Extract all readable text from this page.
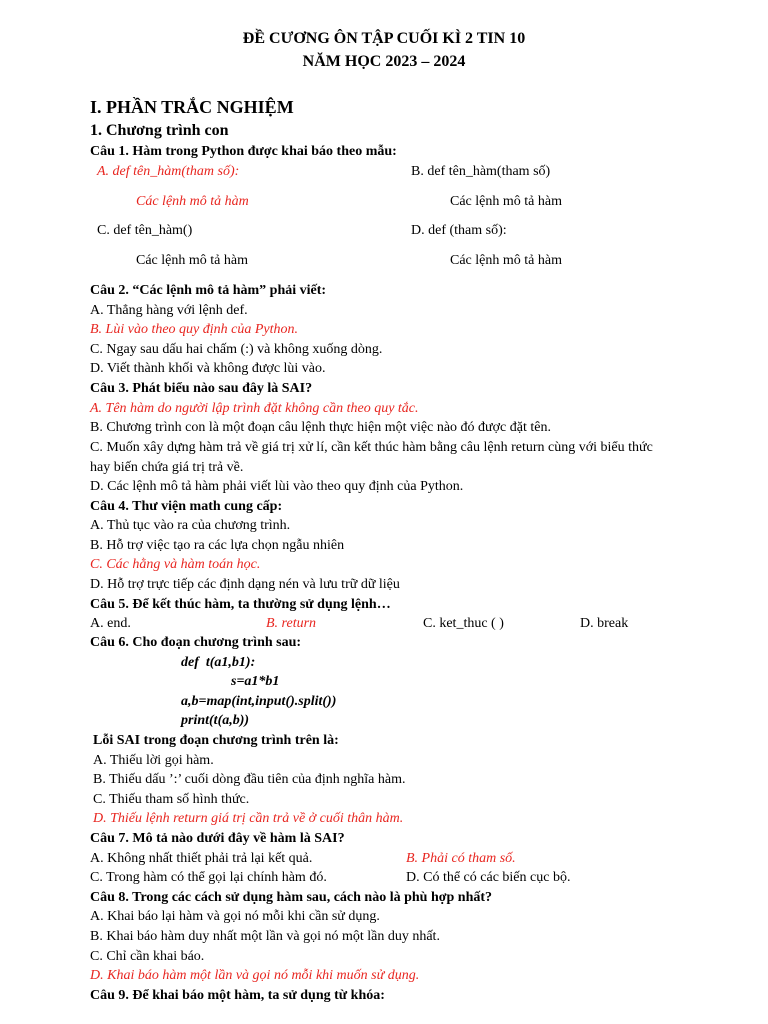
ĐỀ CƯƠNG ÔN TẬP CUỐI KÌ 2 TIN 10
NĂM HỌC 2023 – 2024
I. PHẦN TRẮC NGHIỆM
1. Chương trình con
Câu 1. Hàm trong Python được khai báo theo mẫu:
A. def tên_hàm(tham số):	B. def tên_hàm(tham số)
Các lệnh mô tả hàm	Các lệnh mô tả hàm
C. def tên_hàm()	D. def (tham số):
Các lệnh mô tả hàm	Các lệnh mô tả hàm
Câu 2. “Các lệnh mô tả hàm” phải viết:
A. Thẳng hàng với lệnh def.
B. Lùi vào theo quy định của Python.
C. Ngay sau dấu hai chấm (:) và không xuống dòng.
D. Viết thành khối và không được lùi vào.
Câu 3. Phát biểu nào sau đây là SAI?
A. Tên hàm do người lập trình đặt không cần theo quy tắc.
B. Chương trình con là một đoạn câu lệnh thực hiện một việc nào đó được đặt tên.
C. Muốn xây dựng hàm trả về giá trị xử lí, cần kết thúc hàm bằng câu lệnh return cùng với biểu thức
hay biến chứa giá trị trả về.
D. Các lệnh mô tả hàm phải viết lùi vào theo quy định của Python.
Câu 4. Thư viện math cung cấp:
A. Thủ tục vào ra của chương trình.
B. Hỗ trợ việc tạo ra các lựa chọn ngẫu nhiên
C. Các hằng và hàm toán học.
D. Hỗ trợ trực tiếp các định dạng nén và lưu trữ dữ liệu
Câu 5. Để kết thúc hàm, ta thường sử dụng lệnh…
A. end.	B. return	C. ket_thuc ( )	D. break
Câu 6. Cho đoạn chương trình sau:
def  t(a1,b1):
s=a1*b1
a,b=map(int,input().split())
print(t(a,b))
Lỗi SAI trong đoạn chương trình trên là:
A. Thiếu lời gọi hàm.
B. Thiếu dấu ’:’ cuối dòng đầu tiên của định nghĩa hàm.
C. Thiếu tham số hình thức.
D. Thiếu lệnh return giá trị cần trả về ở cuối thân hàm.
Câu 7. Mô tả nào dưới đây về hàm là SAI?
A. Không nhất thiết phải trả lại kết quả.	B. Phải có tham số.
C. Trong hàm có thể gọi lại chính hàm đó.	D. Có thể có các biến cục bộ.
Câu 8. Trong các cách sử dụng hàm sau, cách nào là phù hợp nhất?
A. Khai báo lại hàm và gọi nó mỗi khi cần sử dụng.
B. Khai báo hàm duy nhất một lần và gọi nó một lần duy nhất.
C. Chỉ cần khai báo.
D. Khai báo hàm một lần và gọi nó mỗi khi muốn sử dụng.
Câu 9. Để khai báo một hàm, ta sử dụng từ khóa:
